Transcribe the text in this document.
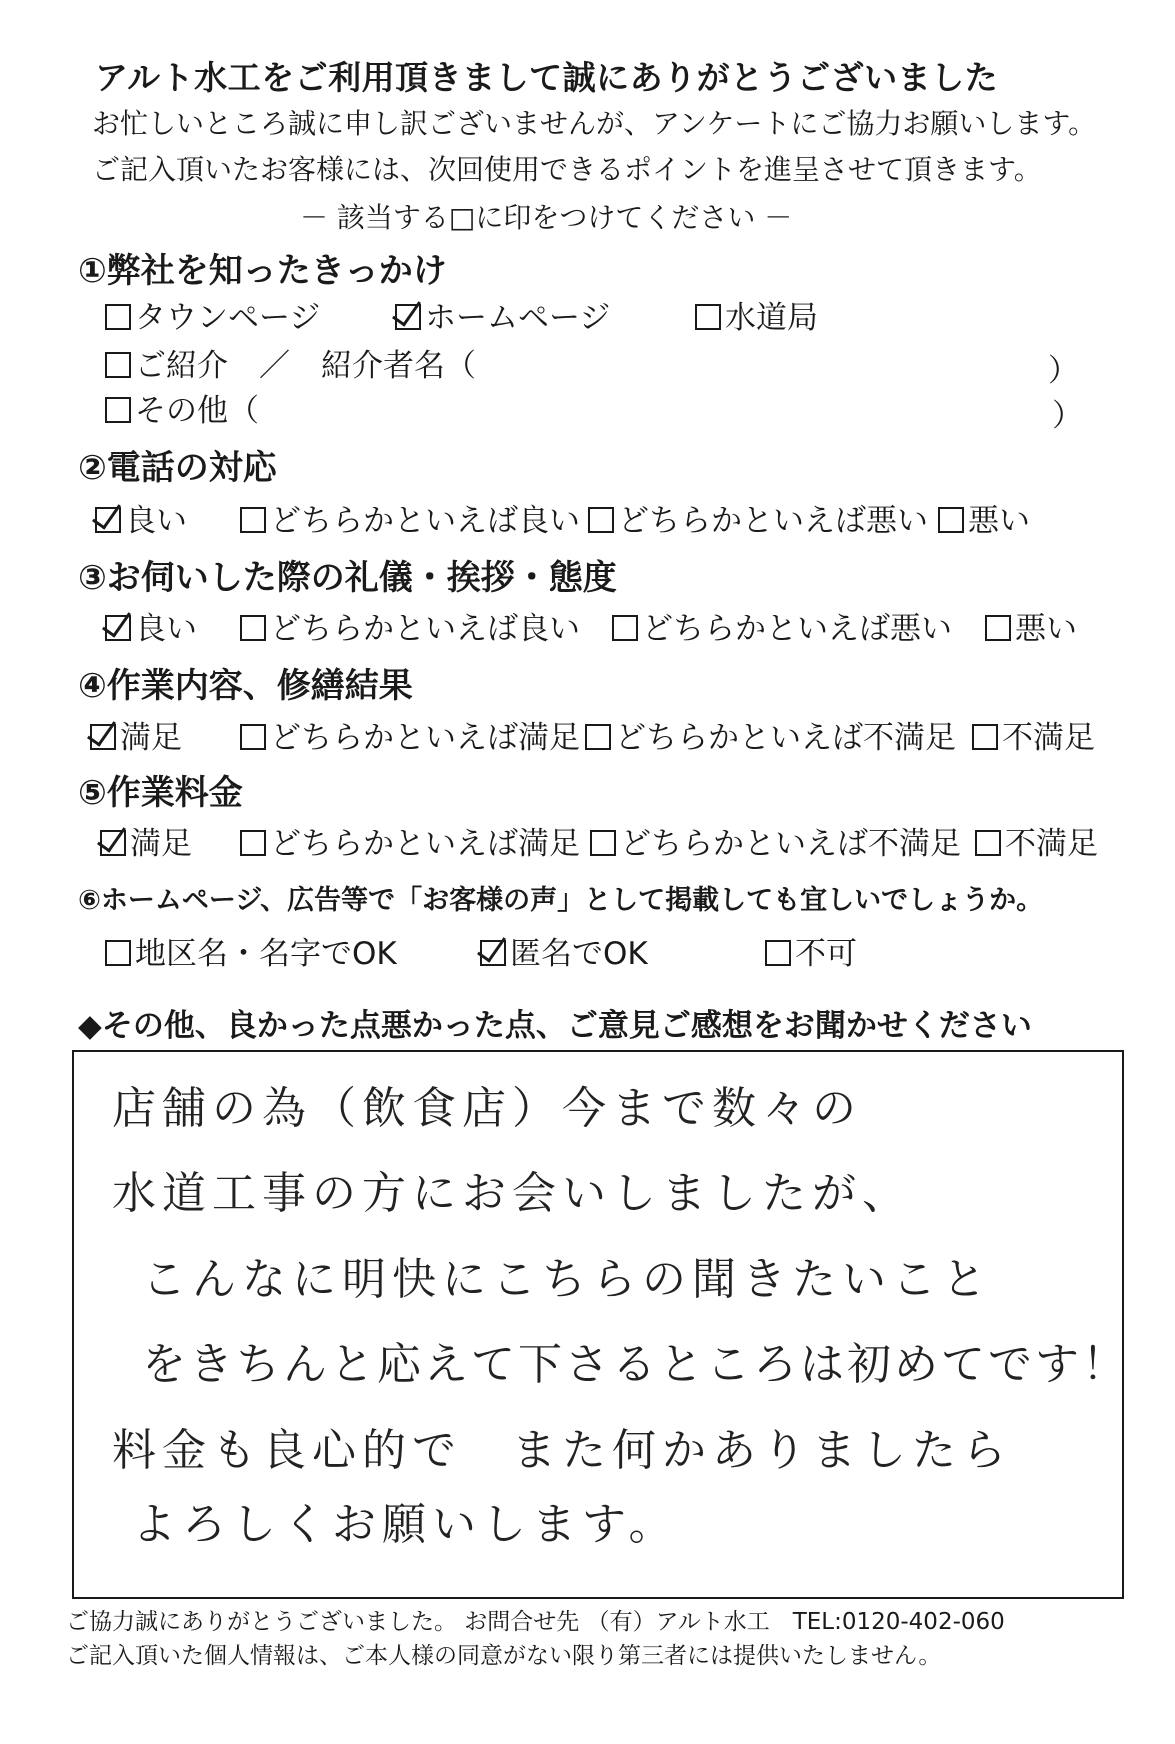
アルト水工をご利用頂きまして誠にありがとうございました
お忙しいところ誠に申し訳ございませんが、アンケートにご協力お願いします。
ご記入頂いたお客様には、次回使用できるポイントを進呈させて頂きます。
－ 該当する□に印をつけてください －
①弊社を知ったきっかけ
タウンページ	ホームページ	水道局
ご紹介　／　紹介者名（	）
その他（	）
②電話の対応
良い	どちらかといえば良い	どちらかといえば悪い	悪い
③お伺いした際の礼儀・挨拶・態度
良い	どちらかといえば良い	どちらかといえば悪い	悪い
④作業内容、修繕結果
満足	どちらかといえば満足	どちらかといえば不満足	不満足
⑤作業料金
満足	どちらかといえば満足	どちらかといえば不満足	不満足
⑥ホームページ、広告等で「お客様の声」として掲載しても宜しいでしょうか。
地区名・名字でOK	匿名でOK	不可
◆その他、良かった点悪かった点、ご意見ご感想をお聞かせください
店舗の為（飲食店）今まで数々の
水道工事の方にお会いしましたが、
こんなに明快にこちらの聞きたいこと
をきちんと応えて下さるところは初めてです！
料金も良心的で　また何かありましたら
よろしくお願いします。
ご協力誠にありがとうございました。 お問合せ先 （有）アルト水工　TEL:0120-402-060
ご記入頂いた個人情報は、ご本人様の同意がない限り第三者には提供いたしません。
